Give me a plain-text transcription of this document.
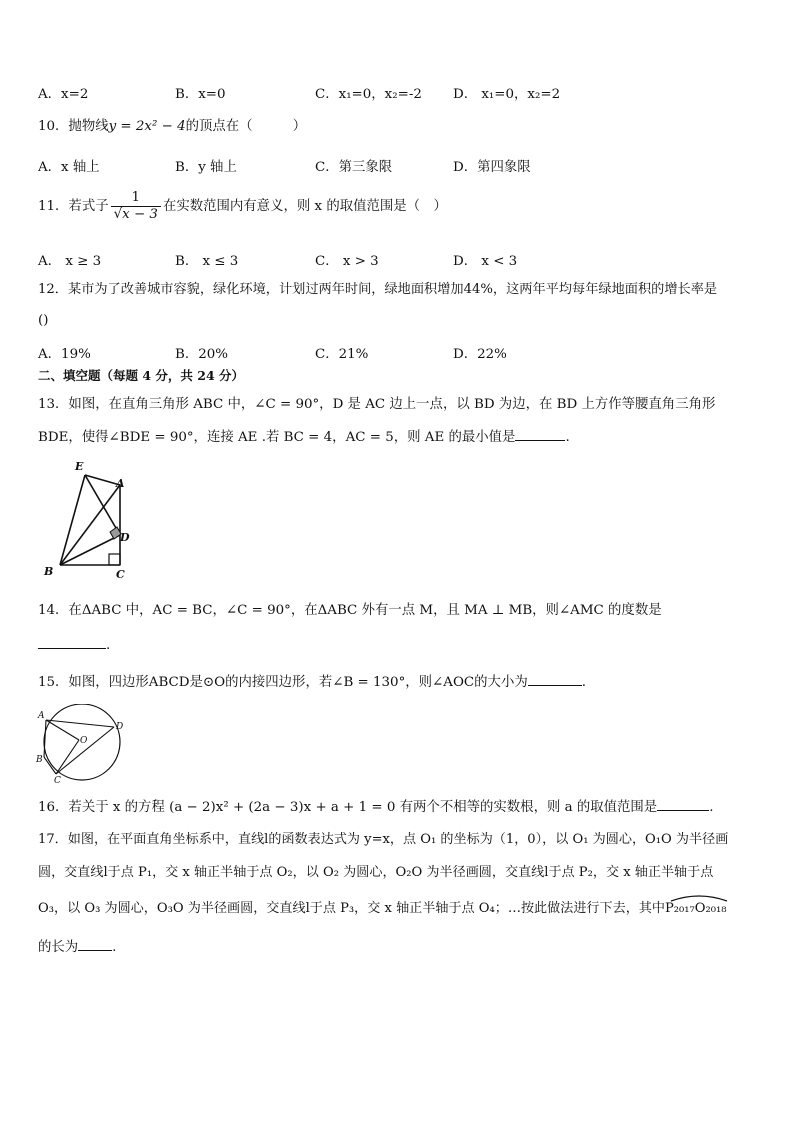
A．x=2	B．x=0	C．x₁=0，x₂=-2 D． x₁=0，x₂=2
10．抛物线y = 2x² − 4的顶点在（　　　）
A．x 轴上	B．y 轴上	C．第三象限	D．第四象限
11．若式子 $\frac{1}{√x - 3}$ 在实数范围内有意义，则 x 的取值范围是（　）
A． x ≥ 3	B． x ≤ 3	C． x > 3	D． x < 3
12．某市为了改善城市容貌，绿化环境，计划过两年时间，绿地面积增加44%，这两年平均每年绿地面积的增长率是
()
A．19%	B．20%	C．21%	D．22%
二、填空题（每题 4 分，共 24 分）
13．如图，在直角三角形 ABC 中，∠C = 90°，D 是 AC 边上一点，以 BD 为边，在 BD 上方作等腰直角三角形
BDE，使得∠BDE = 90°，连接 AE .若 BC = 4，AC = 5，则 AE 的最小值是	.
E
A
D
B	C
14．在ΔABC 中，AC = BC，∠C = 90°，在ΔABC 外有一点 M，且 MA ⊥ MB，则∠AMC 的度数是
.
15．如图，四边形ABCD是⊙O的内接四边形，若∠B = 130°，则∠AOC的大小为	.
A
D
O
B
C
16．若关于 x 的方程 (a − 2)x² + (2a − 3)x + a + 1 = 0 有两个不相等的实数根，则 a 的取值范围是	.
17．如图，在平面直角坐标系中，直线l的函数表达式为 y=x，点 O₁ 的坐标为（1，0），以 O₁ 为圆心，O₁O 为半径画
圆，交直线l于点 P₁，交 x 轴正半轴于点 O₂，以 O₂ 为圆心，O₂O 为半径画圆，交直线l于点 P₂，交 x 轴正半轴于点
O₃，以 O₃ 为圆心，O₃O 为半径画圆，交直线l于点 P₃，交 x 轴正半轴于点 O₄；…按此做法进行下去，其中
P₂₀₁₇O₂₀₁₈
的长为	.
